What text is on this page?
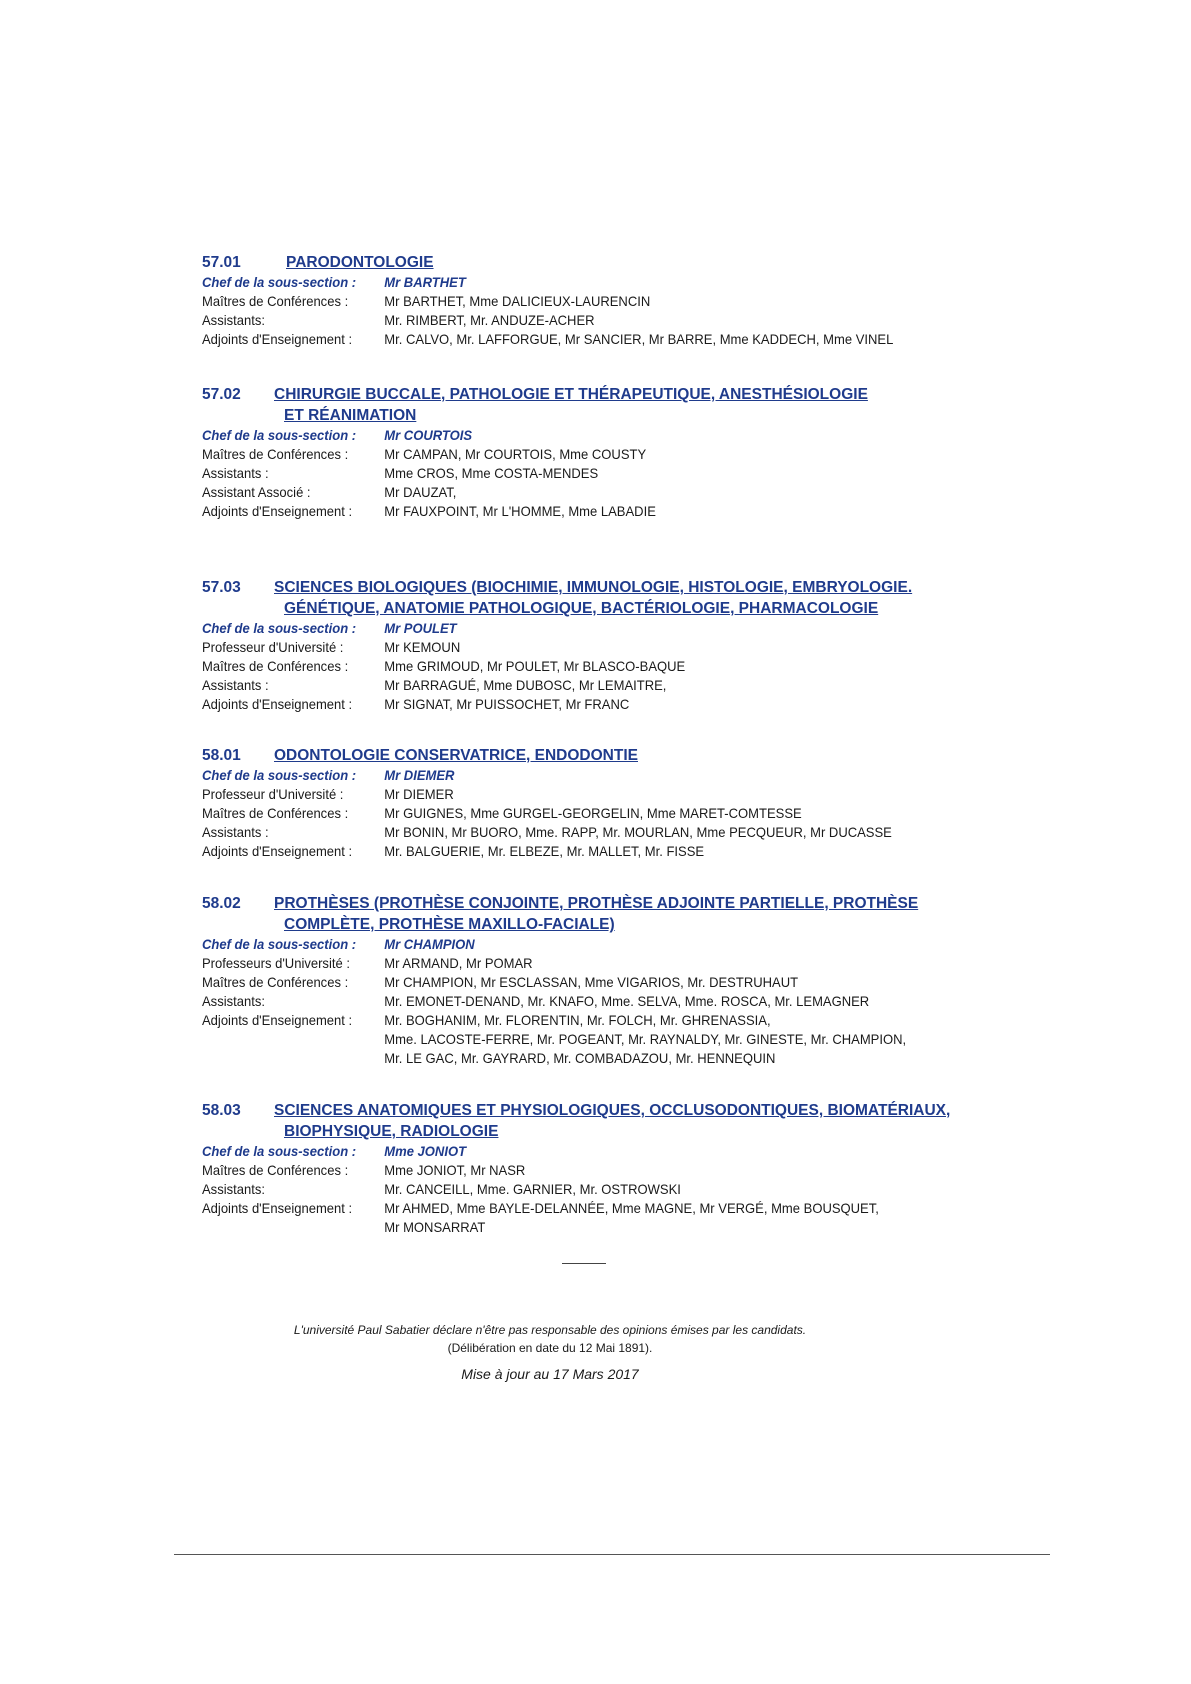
57.01	PARODONTOLOGIE
Chef de la sous-section :	Mr BARTHET
Maîtres de Conférences :	Mr BARTHET, Mme DALICIEUX-LAURENCIN
Assistants:	Mr. RIMBERT, Mr. ANDUZE-ACHER
Adjoints d'Enseignement :	Mr. CALVO, Mr. LAFFORGUE, Mr SANCIER, Mr BARRE, Mme KADDECH, Mme VINEL
57.02	CHIRURGIE BUCCALE, PATHOLOGIE ET THÉRAPEUTIQUE, ANESTHÉSIOLOGIE
ET RÉANIMATION
Chef de la sous-section :	Mr COURTOIS
Maîtres de Conférences :	Mr CAMPAN, Mr COURTOIS, Mme COUSTY
Assistants :	Mme CROS, Mme COSTA-MENDES
Assistant Associé :	Mr DAUZAT,
Adjoints d'Enseignement :	Mr FAUXPOINT, Mr L'HOMME, Mme LABADIE
57.03	SCIENCES BIOLOGIQUES (BIOCHIMIE, IMMUNOLOGIE, HISTOLOGIE, EMBRYOLOGIE.
GÉNÉTIQUE, ANATOMIE PATHOLOGIQUE, BACTÉRIOLOGIE, PHARMACOLOGIE
Chef de la sous-section :	Mr POULET
Professeur d'Université :	Mr KEMOUN
Maîtres de Conférences :	Mme GRIMOUD, Mr POULET, Mr BLASCO-BAQUE
Assistants :	Mr BARRAGUÉ, Mme DUBOSC, Mr LEMAITRE,
Adjoints d'Enseignement :	Mr SIGNAT, Mr PUISSOCHET, Mr FRANC
58.01	ODONTOLOGIE CONSERVATRICE, ENDODONTIE
Chef de la sous-section :	Mr DIEMER
Professeur d'Université :	Mr DIEMER
Maîtres de Conférences :	Mr GUIGNES, Mme GURGEL-GEORGELIN, Mme MARET-COMTESSE
Assistants :	Mr BONIN, Mr BUORO, Mme. RAPP, Mr. MOURLAN, Mme PECQUEUR, Mr DUCASSE
Adjoints d'Enseignement :	Mr. BALGUERIE, Mr. ELBEZE, Mr. MALLET, Mr. FISSE
58.02	PROTHÈSES (PROTHÈSE CONJOINTE, PROTHÈSE ADJOINTE PARTIELLE, PROTHÈSE
COMPLÈTE, PROTHÈSE MAXILLO-FACIALE)
Chef de la sous-section :	Mr CHAMPION
Professeurs d'Université :	Mr ARMAND, Mr POMAR
Maîtres de Conférences :	Mr CHAMPION, Mr ESCLASSAN, Mme VIGARIOS, Mr. DESTRUHAUT
Assistants:	Mr. EMONET-DENAND, Mr. KNAFO, Mme. SELVA, Mme. ROSCA, Mr. LEMAGNER
Adjoints d'Enseignement :	Mr. BOGHANIM, Mr. FLORENTIN, Mr. FOLCH, Mr. GHRENASSIA,
Mme. LACOSTE-FERRE, Mr. POGEANT, Mr. RAYNALDY, Mr. GINESTE, Mr. CHAMPION,
Mr. LE GAC, Mr. GAYRARD, Mr. COMBADAZOU, Mr. HENNEQUIN
58.03	SCIENCES ANATOMIQUES ET PHYSIOLOGIQUES, OCCLUSODONTIQUES, BIOMATÉRIAUX,
BIOPHYSIQUE, RADIOLOGIE
Chef de la sous-section :	Mme JONIOT
Maîtres de Conférences :	Mme JONIOT, Mr NASR
Assistants:	Mr. CANCEILL, Mme. GARNIER, Mr. OSTROWSKI
Adjoints d'Enseignement :	Mr AHMED, Mme BAYLE-DELANNÉE, Mme MAGNE, Mr VERGÉ, Mme BOUSQUET,
Mr MONSARRAT
L'université Paul Sabatier déclare n'être pas responsable des opinions émises par les candidats.
(Délibération en date du 12 Mai 1891).
Mise à jour au 17 Mars 2017
